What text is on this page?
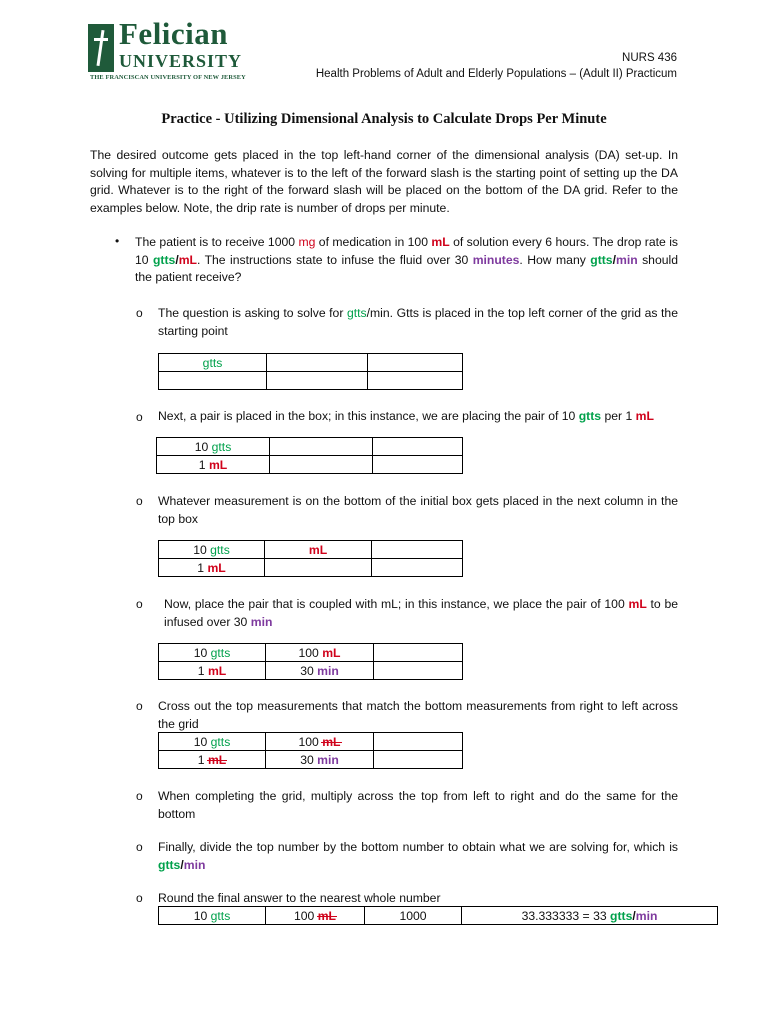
Felician
UNIVERSITY
THE FRANCISCAN UNIVERSITY OF NEW JERSEY
NURS 436
Health Problems of Adult and Elderly Populations – (Adult II) Practicum
Practice - Utilizing Dimensional Analysis to Calculate Drops Per Minute
The desired outcome gets placed in the top left-hand corner of the dimensional analysis (DA) set-up. In solving for multiple items, whatever is to the left of the forward slash is the starting point of setting up the DA grid. Whatever is to the right of the forward slash will be placed on the bottom of the DA grid. Refer to the examples below. Note, the drip rate is number of drops per minute.
• The patient is to receive 1000 mg of medication in 100 mL of solution every 6 hours. The drop rate is 10 gtts/mL. The instructions state to infuse the fluid over 30 minutes. How many gtts/min should the patient receive?
o The question is asking to solve for gtts/min. Gtts is placed in the top left corner of the grid as the starting point
gtts		

o Next, a pair is placed in the box; in this instance, we are placing the pair of 10 gtts per 1 mL
10 gtts		
1 mL		
o Whatever measurement is on the bottom of the initial box gets placed in the next column in the top box
10 gtts	mL	
1 mL		
o Now, place the pair that is coupled with mL; in this instance, we place the pair of 100 mL to be infused over 30 min
10 gtts	100 mL	
1 mL	30 min	
o Cross out the top measurements that match the bottom measurements from right to left across the grid
10 gtts	100 mL	
1 mL	30 min	
o When completing the grid, multiply across the top from left to right and do the same for the bottom
o Finally, divide the top number by the bottom number to obtain what we are solving for, which is gtts/min
o Round the final answer to the nearest whole number
10 gtts	100 mL	1000	33.333333 = 33 gtts/min
